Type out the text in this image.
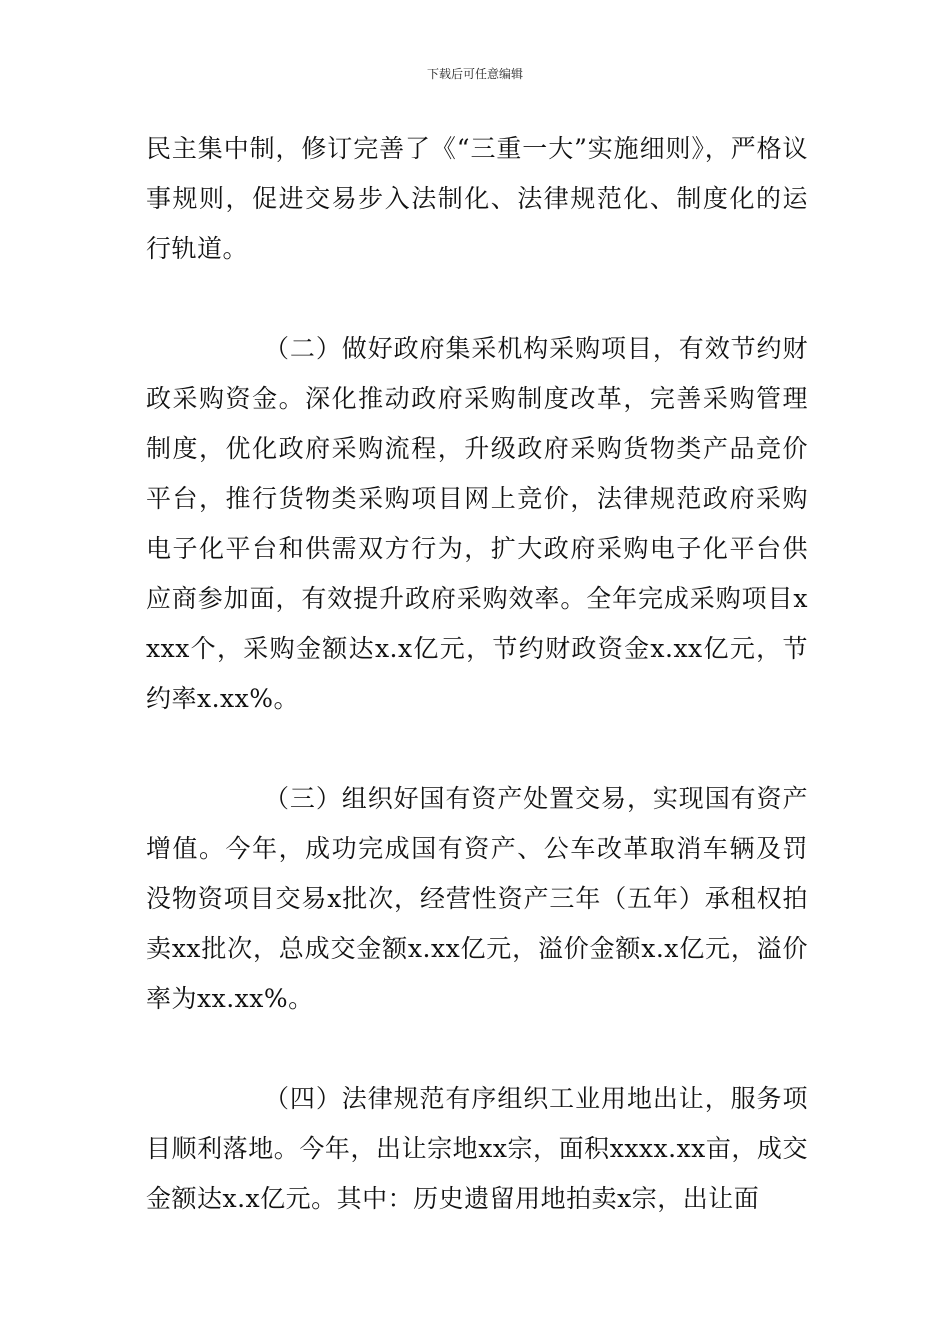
下载后可任意编辑

民主集中制，修订完善了《“三重一大”实施细则》，严格议事规则，促进交易步入法制化、法律规范化、制度化的运行轨道。

（二）做好政府集采机构采购项目，有效节约财政采购资金。深化推动政府采购制度改革，完善采购管理制度，优化政府采购流程，升级政府采购货物类产品竞价平台，推行货物类采购项目网上竞价，法律规范政府采购电子化平台和供需双方行为，扩大政府采购电子化平台供应商参加面，有效提升政府采购效率。全年完成采购项目xxxx个，采购金额达x.x亿元，节约财政资金x.xx亿元，节约率x.xx%。

（三）组织好国有资产处置交易，实现国有资产增值。今年，成功完成国有资产、公车改革取消车辆及罚没物资项目交易x批次，经营性资产三年（五年）承租权拍卖xx批次，总成交金额x.xx亿元，溢价金额x.x亿元，溢价率为xx.xx%。

（四）法律规范有序组织工业用地出让，服务项目顺利落地。今年，出让宗地xx宗，面积xxxx.xx亩，成交金额达x.x亿元。其中：历史遗留用地拍卖x宗，出让面
